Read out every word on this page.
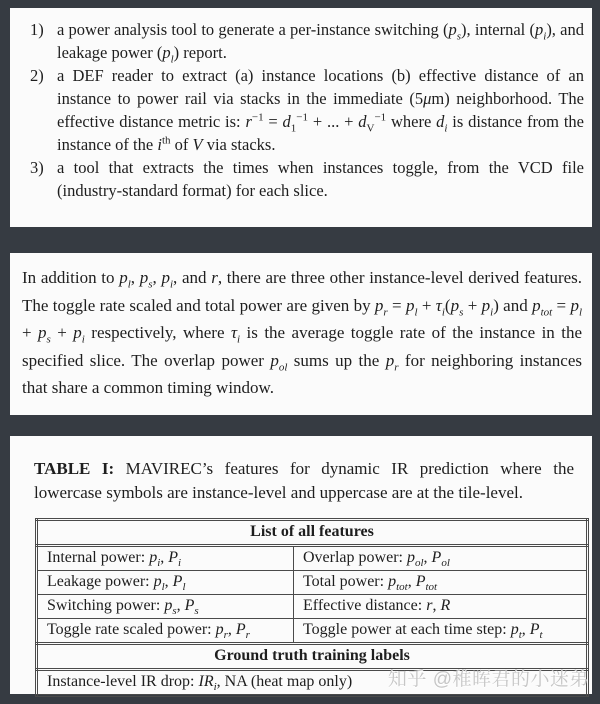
1) a power analysis tool to generate a per-instance switching $(p_s)$, internal $(p_i)$, and leakage power $(p_l)$ report.
2) a DEF reader to extract (a) instance locations (b) effective distance of an instance to power rail via stacks in the immediate (5μm) neighborhood. The effective distance metric is: $r^{-1} = d_1^{-1}$ + ... + $d_V^{-1}$ where $d_i$ is distance from the instance of the $i^{th}$ of V via stacks.
3) a tool that extracts the times when instances toggle, from the VCD file (industry-standard format) for each slice.

In addition to $p_l$, $p_s$, $p_i$, and r, there are three other instance-level derived features. The toggle rate scaled and total power are given by $p_r = p_l + \tau_i(p_s + p_i)$ and $p_{tot} = p_l + p_s + p_i$ respectively, where $\tau_i$ is the average toggle rate of the instance in the specified slice. The overlap power $p_{ol}$ sums up the $p_r$ for neighboring instances that share a common timing window.

TABLE I: MAVIREC’s features for dynamic IR prediction where the lowercase symbols are instance-level and uppercase are at the tile-level.

List of all features	
Internal power: $p_i$, $P_i$	Overlap power: $p_{ol}$, $P_{ol}$
Leakage power: $p_l$, $P_l$	Total power: $p_{tot}$, $P_{tot}$
Switching power: $p_s$, $P_s$	Effective distance: r, R
Toggle rate scaled power: $p_r$, $P_r$	Toggle power at each time step: $p_t$, $P_t$
Ground truth training labels	
Instance-level IR drop: $IR_i$, NA (heat map only)	知乎 @稚晖君的小迷弟
